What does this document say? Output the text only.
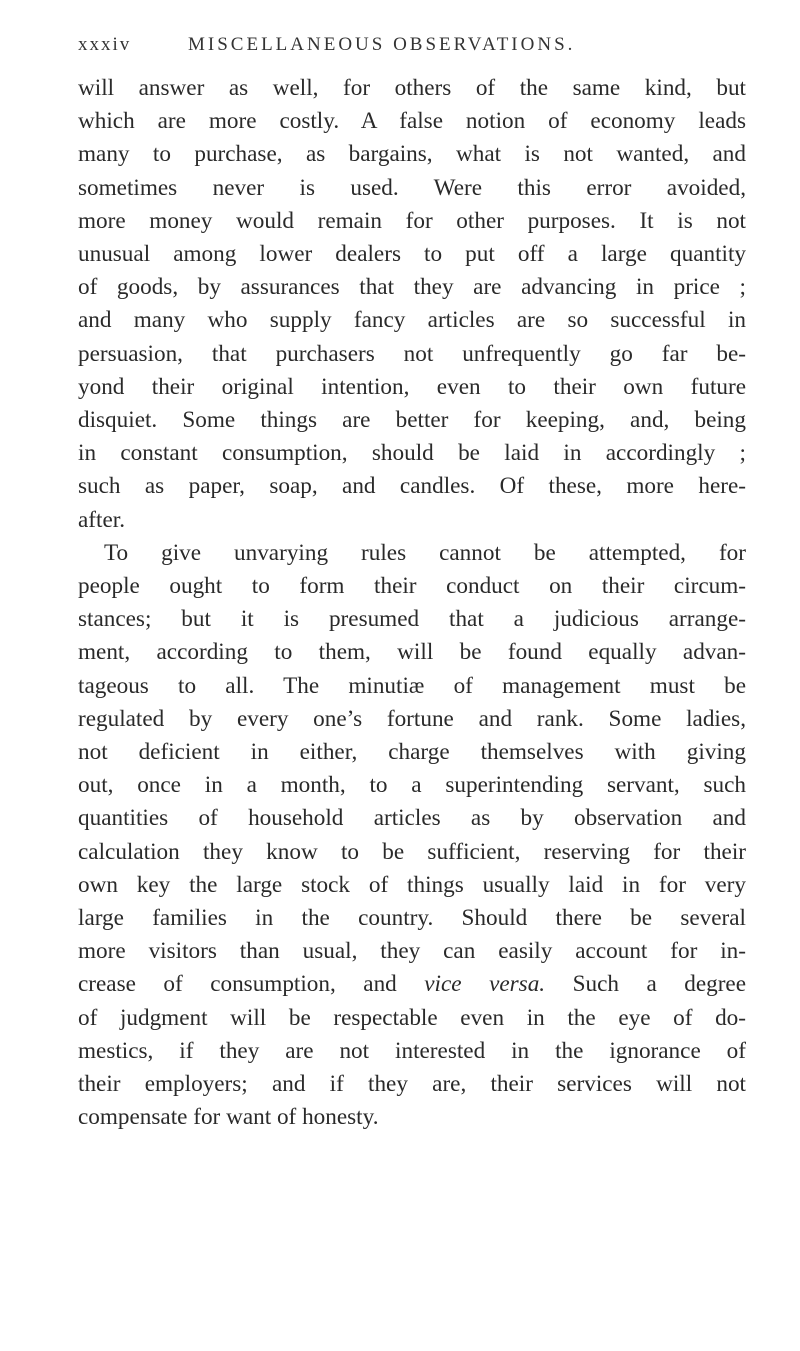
xxxiv	MISCELLANEOUS OBSERVATIONS.
will answer as well, for others of the same kind, but
which are more costly. A false notion of economy leads
many to purchase, as bargains, what is not wanted, and
sometimes never is used. Were this error avoided,
more money would remain for other purposes. It is not
unusual among lower dealers to put off a large quantity
of goods, by assurances that they are advancing in price ;
and many who supply fancy articles are so successful in
persuasion, that purchasers not unfrequently go far be-
yond their original intention, even to their own future
disquiet. Some things are better for keeping, and, being
in constant consumption, should be laid in accordingly ;
such as paper, soap, and candles. Of these, more here-
after.
To give unvarying rules cannot be attempted, for
people ought to form their conduct on their circum-
stances; but it is presumed that a judicious arrange-
ment, according to them, will be found equally advan-
tageous to all. The minutiæ of management must be
regulated by every one’s fortune and rank. Some ladies,
not deficient in either, charge themselves with giving
out, once in a month, to a superintending servant, such
quantities of household articles as by observation and
calculation they know to be sufficient, reserving for their
own key the large stock of things usually laid in for very
large families in the country. Should there be several
more visitors than usual, they can easily account for in-
crease of consumption, and vice versa. Such a degree
of judgment will be respectable even in the eye of do-
mestics, if they are not interested in the ignorance of
their employers; and if they are, their services will not
compensate for want of honesty.
